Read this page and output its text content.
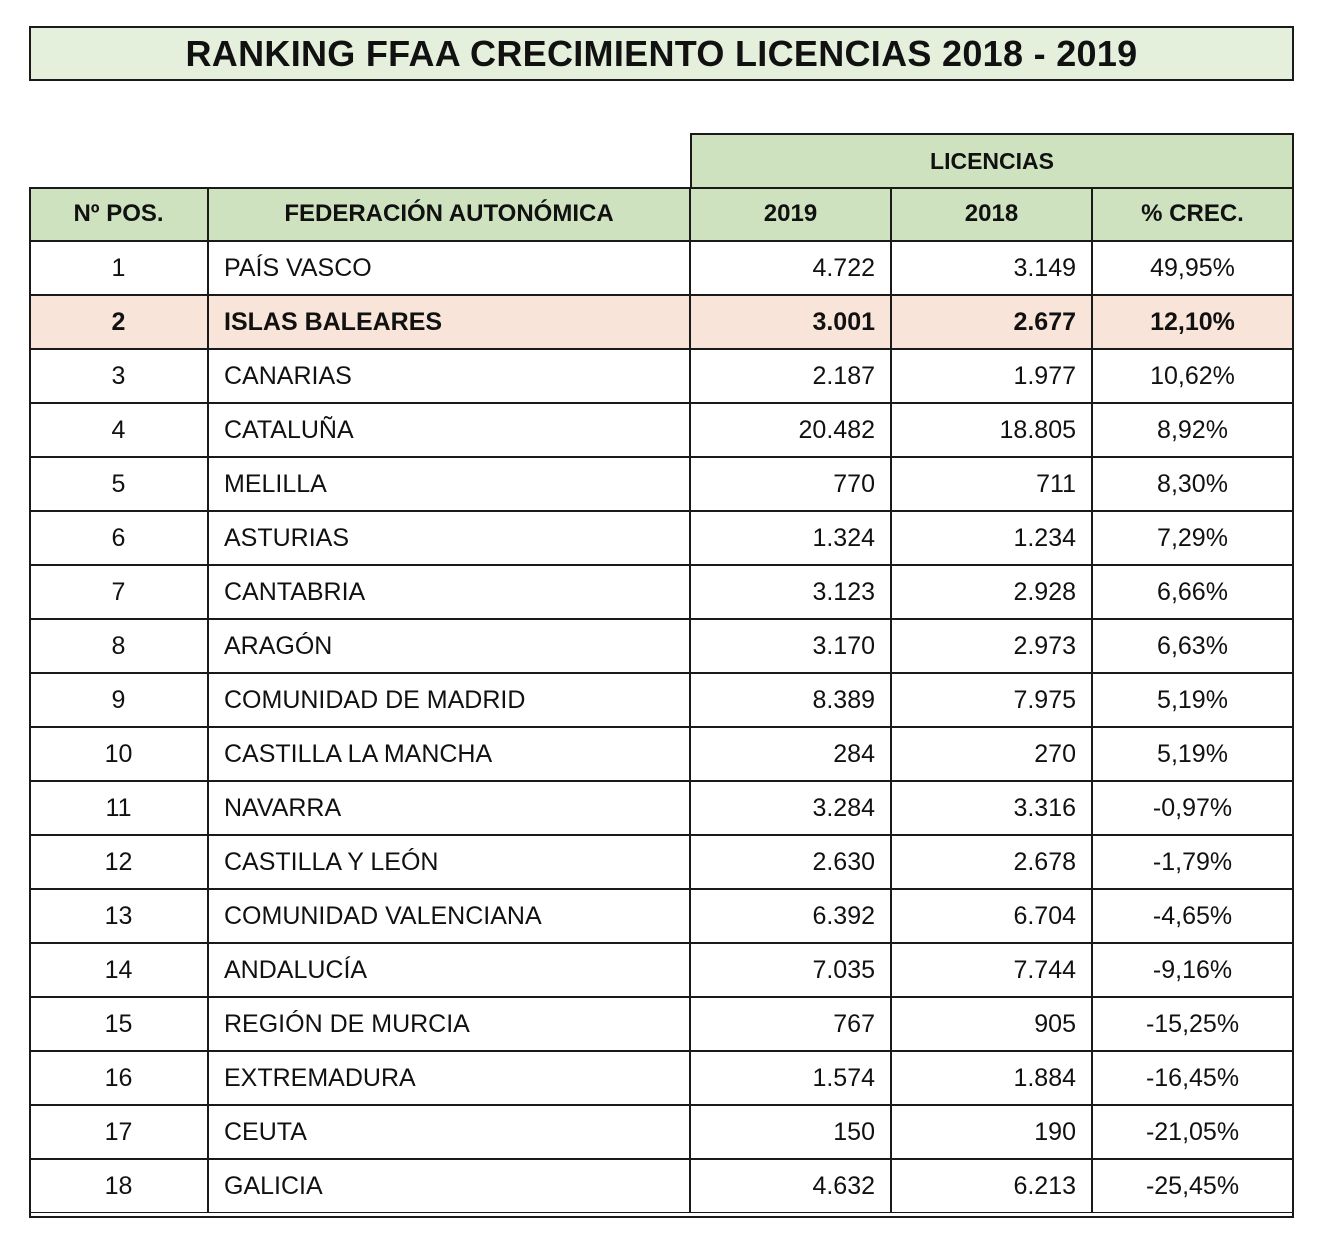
RANKING FFAA CRECIMIENTO LICENCIAS 2018 - 2019
LICENCIAS
Nº POS.	FEDERACIÓN AUTONÓMICA	2019	2018	% CREC.
1	PAÍS VASCO	4.722	3.149	49,95%
2	ISLAS BALEARES	3.001	2.677	12,10%
3	CANARIAS	2.187	1.977	10,62%
4	CATALUÑA	20.482	18.805	8,92%
5	MELILLA	770	711	8,30%
6	ASTURIAS	1.324	1.234	7,29%
7	CANTABRIA	3.123	2.928	6,66%
8	ARAGÓN	3.170	2.973	6,63%
9	COMUNIDAD DE MADRID	8.389	7.975	5,19%
10	CASTILLA LA MANCHA	284	270	5,19%
11	NAVARRA	3.284	3.316	-0,97%
12	CASTILLA Y LEÓN	2.630	2.678	-1,79%
13	COMUNIDAD VALENCIANA	6.392	6.704	-4,65%
14	ANDALUCÍA	7.035	7.744	-9,16%
15	REGIÓN DE MURCIA	767	905	-15,25%
16	EXTREMADURA	1.574	1.884	-16,45%
17	CEUTA	150	190	-21,05%
18	GALICIA	4.632	6.213	-25,45%
